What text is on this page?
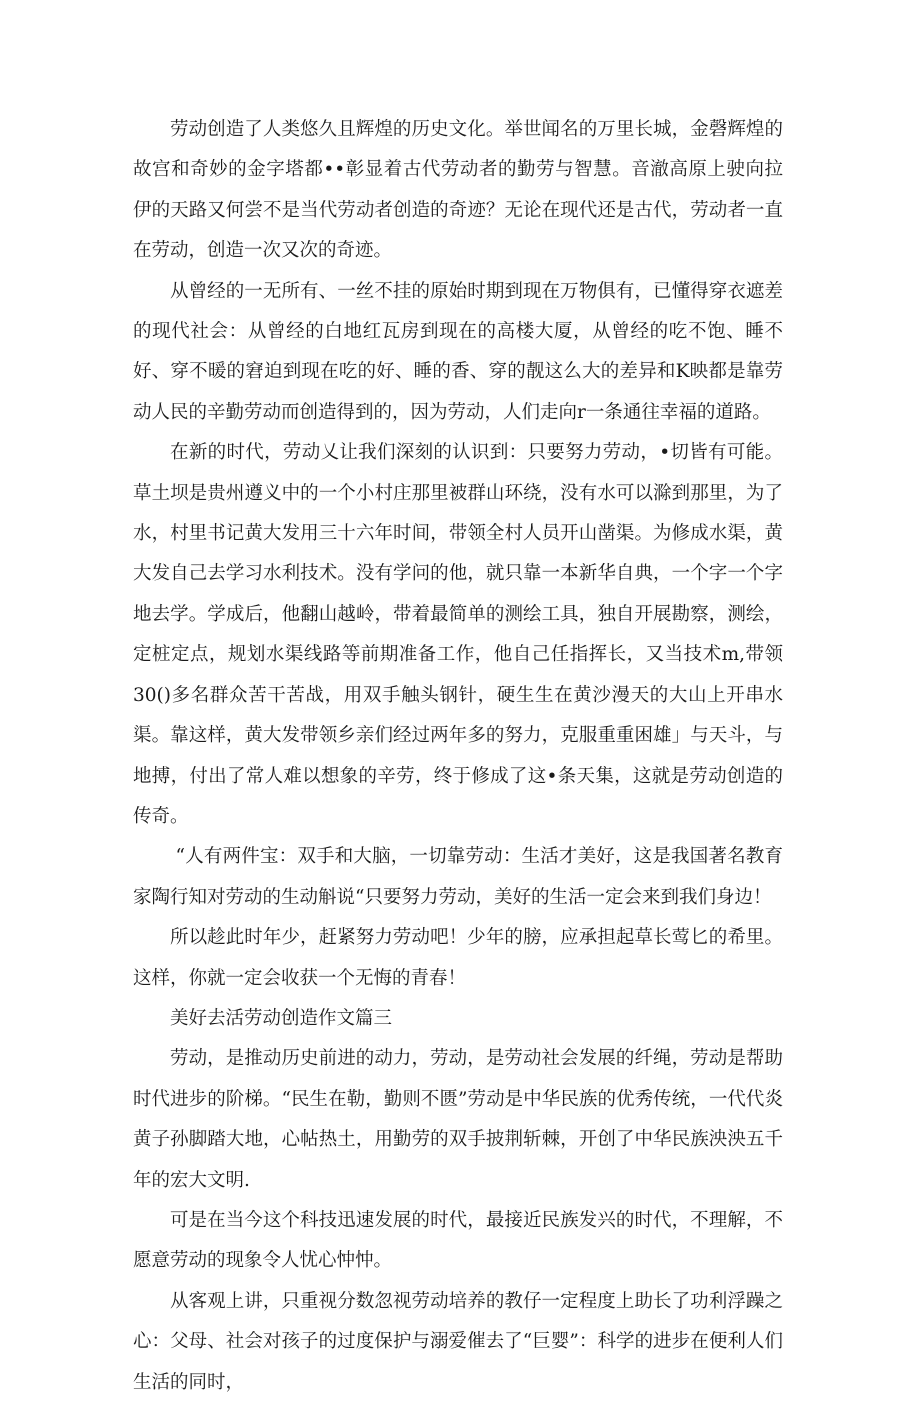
劳动创造了人类悠久且辉煌的历史文化。举世闻名的万里长城，金磬辉煌的故宫和奇妙的金字塔都••彰显着古代劳动者的勤劳与智慧。音澈高原上驶向拉伊的天路又何尝不是当代劳动者创造的奇迹？无论在现代还是古代，劳动者一直在劳动，创造一次又次的奇迹。

从曾经的一无所有、一丝不挂的原始时期到现在万物俱有，已懂得穿衣遮差的现代社会：从曾经的白地红瓦房到现在的高楼大厦，从曾经的吃不饱、睡不好、穿不暖的窘迫到现在吃的好、睡的香、穿的靓这么大的差异和K映都是靠劳动人民的辛勤劳动而创造得到的，因为劳动，人们走向r一条通往幸福的道路。

在新的时代，劳动乂让我们深刻的认识到：只要努力劳动，•切皆有可能。草土坝是贵州遵义中的一个小村庄那里被群山环绕，没有水可以滁到那里，为了水，村里书记黄大发用三十六年时间，带领全村人员开山凿渠。为修成水渠，黄大发自己去学习水利技术。没有学问的他，就只靠一本新华自典，一个字一个字地去学。学成后，他翻山越岭，带着最简单的测绘工具，独自开展勘察，测绘，定桩定点，规划水渠线路等前期准备工作，他自己任指挥长，又当技术m,带领30()多名群众苦干苦战，用双手触头钢针，硬生生在黄沙漫天的大山上开串水渠。靠这样，黄大发带领乡亲们经过两年多的努力，克服重重困雄」与天斗，与地搏，付出了常人难以想象的辛劳，终于修成了这•条天集，这就是劳动创造的传奇。

“人有两件宝：双手和大脑，一切靠劳动：生活才美好，这是我国著名教育家陶行知对劳动的生动斛说“只要努力劳动，美好的生活一定会来到我们身边！

所以趁此时年少，赶紧努力劳动吧！少年的膀，应承担起草长莺匕的希里。这样，你就一定会收获一个无悔的青春！

美好去活劳动创造作文篇三

劳动，是推动历史前进的动力，劳动，是劳动社会发展的纤绳，劳动是帮助时代进步的阶梯。“民生在勒，勤则不匮”劳动是中华民族的优秀传统，一代代炎黄子孙脚踏大地，心帖热土，用勤劳的双手披荆斩棘，开创了中华民族泱泱五千年的宏大文明.

可是在当今这个科技迅速发展的时代，最接近民族发兴的时代，不理解，不愿意劳动的现象令人忧心忡忡。

从客观上讲，只重视分数忽视劳动培养的教仔一定程度上助长了功利浮躁之心：父母、社会对孩子的过度保护与溺爱催去了“巨婴”：科学的进步在便利人们生活的同时，
